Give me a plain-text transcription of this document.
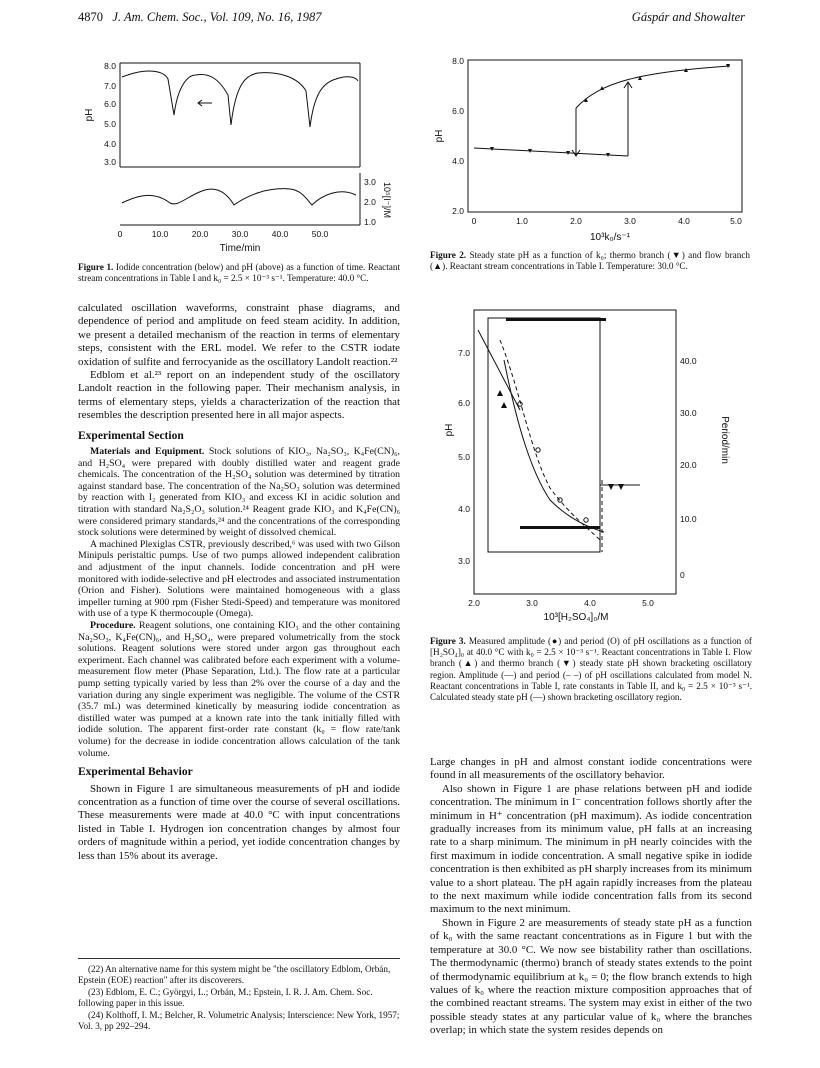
4870 J. Am. Chem. Soc., Vol. 109, No. 16, 1987	Gáspár and Showalter
8.0
7.0
6.0
5.0
4.0
3.0
pH
3.0
2.0
1.0
10⁵[I⁻]/M
0	10.0	20.0	30.0	40.0	50.0
Time/min
Figure 1. Iodide concentration (below) and pH (above) as a function of time. Reactant stream concentrations in Table I and k₀ = 2.5 × 10⁻³ s⁻¹. Temperature: 40.0 °C.
8.0
6.0
4.0
2.0
pH
0	1.0	2.0	3.0	4.0	5.0
10³k₀/s⁻¹
Figure 2. Steady state pH as a function of k₀; thermo branch (▼) and flow branch (▲). Reactant stream concentrations in Table I. Temperature: 30.0 °C.
7.0
6.0
5.0
4.0
3.0
pH
40.0
30.0
20.0
10.0
0
Period/min
2.0	3.0	4.0	5.0
10³[H₂SO₄]₀/M
Figure 3. Measured amplitude (●) and period (O) of pH oscillations as a function of [H₂SO₄]₀ at 40.0 °C with k₀ = 2.5 × 10⁻³ s⁻¹. Reactant concentrations in Table I. Flow branch (▲) and thermo branch (▼) steady state pH shown bracketing oscillatory region. Amplitude (—) and period (– –) of pH oscillations calculated from model N. Reactant concentrations in Table I, rate constants in Table II, and k₀ = 2.5 × 10⁻³ s⁻¹. Calculated steady state pH (—) shown bracketing oscillatory region.

calculated oscillation waveforms, constraint phase diagrams, and dependence of period and amplitude on feed steam acidity. In addition, we present a detailed mechanism of the reaction in terms of elementary steps, consistent with the ERL model. We refer to the CSTR iodate oxidation of sulfite and ferrocyanide as the oscillatory Landolt reaction.²²

Edblom et al.²³ report on an independent study of the oscillatory Landolt reaction in the following paper. Their mechanism analysis, in terms of elementary steps, yields a characterization of the reaction that resembles the description presented here in all major aspects.

Experimental Section

Materials and Equipment. Stock solutions of KIO₃, Na₂SO₃, K₄Fe(CN)₆, and H₂SO₄ were prepared with doubly distilled water and reagent grade chemicals. The concentration of the H₂SO₄ solution was determined by titration against standard base. The concentration of the Na₂SO₃ solution was determined by reaction with I₂ generated from KIO₃ and excess KI in acidic solution and titration with standard Na₂S₂O₃ solution.²⁴ Reagent grade KIO₃ and K₄Fe(CN)₆ were considered primary standards,²⁴ and the concentrations of the corresponding stock solutions were determined by weight of dissolved chemical.

A machined Plexiglas CSTR, previously described,⁶ was used with two Gilson Minipuls peristaltic pumps. Use of two pumps allowed independent calibration and adjustment of the input channels. Iodide concentration and pH were monitored with iodide-selective and pH electrodes and associated instrumentation (Orion and Fisher). Solutions were maintained homogeneous with a glass impeller turning at 900 rpm (Fisher Stedi-Speed) and temperature was monitored with use of a type K thermocouple (Omega).

Procedure. Reagent solutions, one containing KIO₃ and the other containing Na₂SO₃, K₄Fe(CN)₆, and H₂SO₄, were prepared volumetrically from the stock solutions. Reagent solutions were stored under argon gas throughout each experiment. Each channel was calibrated before each experiment with a volume-measurement flow meter (Phase Separation, Ltd.). The flow rate at a particular pump setting typically varied by less than 2% over the course of a day and the variation during any single experiment was negligible. The volume of the CSTR (35.7 mL) was determined kinetically by measuring iodide concentration as distilled water was pumped at a known rate into the tank initially filled with iodide solution. The apparent first-order rate constant (k₀ = flow rate/tank volume) for the decrease in iodide concentration allows calculation of the tank volume.

Experimental Behavior

Shown in Figure 1 are simultaneous measurements of pH and iodide concentration as a function of time over the course of several oscillations. These measurements were made at 40.0 °C with input concentrations listed in Table I. Hydrogen ion concentration changes by almost four orders of magnitude within a period, yet iodide concentration changes by less than 15% about its average.

(22) An alternative name for this system might be "the oscillatory Edblom, Orbán, Epstein (EOE) reaction" after its discoverers.

(23) Edblom, E. C.; Györgyi, L.; Orbán, M.; Epstein, I. R. J. Am. Chem. Soc. following paper in this issue.

(24) Kolthoff, I. M.; Belcher, R. Volumetric Analysis; Interscience: New York, 1957; Vol. 3, pp 292–294.

Large changes in pH and almost constant iodide concentrations were found in all measurements of the oscillatory behavior.

Also shown in Figure 1 are phase relations between pH and iodide concentration. The minimum in I⁻ concentration follows shortly after the minimum in H⁺ concentration (pH maximum). As iodide concentration gradually increases from its minimum value, pH falls at an increasing rate to a sharp minimum. The minimum in pH nearly coincides with the first maximum in iodide concentration. A small negative spike in iodide concentration is then exhibited as pH sharply increases from its minimum value to a short plateau. The pH again rapidly increases from the plateau to the next maximum while iodide concentration falls from its second maximum to the next minimum.

Shown in Figure 2 are measurements of steady state pH as a function of k₀ with the same reactant concentrations as in Figure 1 but with the temperature at 30.0 °C. We now see bistability rather than oscillations. The thermodynamic (thermo) branch of steady states extends to the point of thermodynamic equilibrium at k₀ = 0; the flow branch extends to high values of k₀ where the reaction mixture composition approaches that of the combined reactant streams. The system may exist in either of the two possible steady states at any particular value of k₀ where the branches overlap; in which state the system resides depends on
